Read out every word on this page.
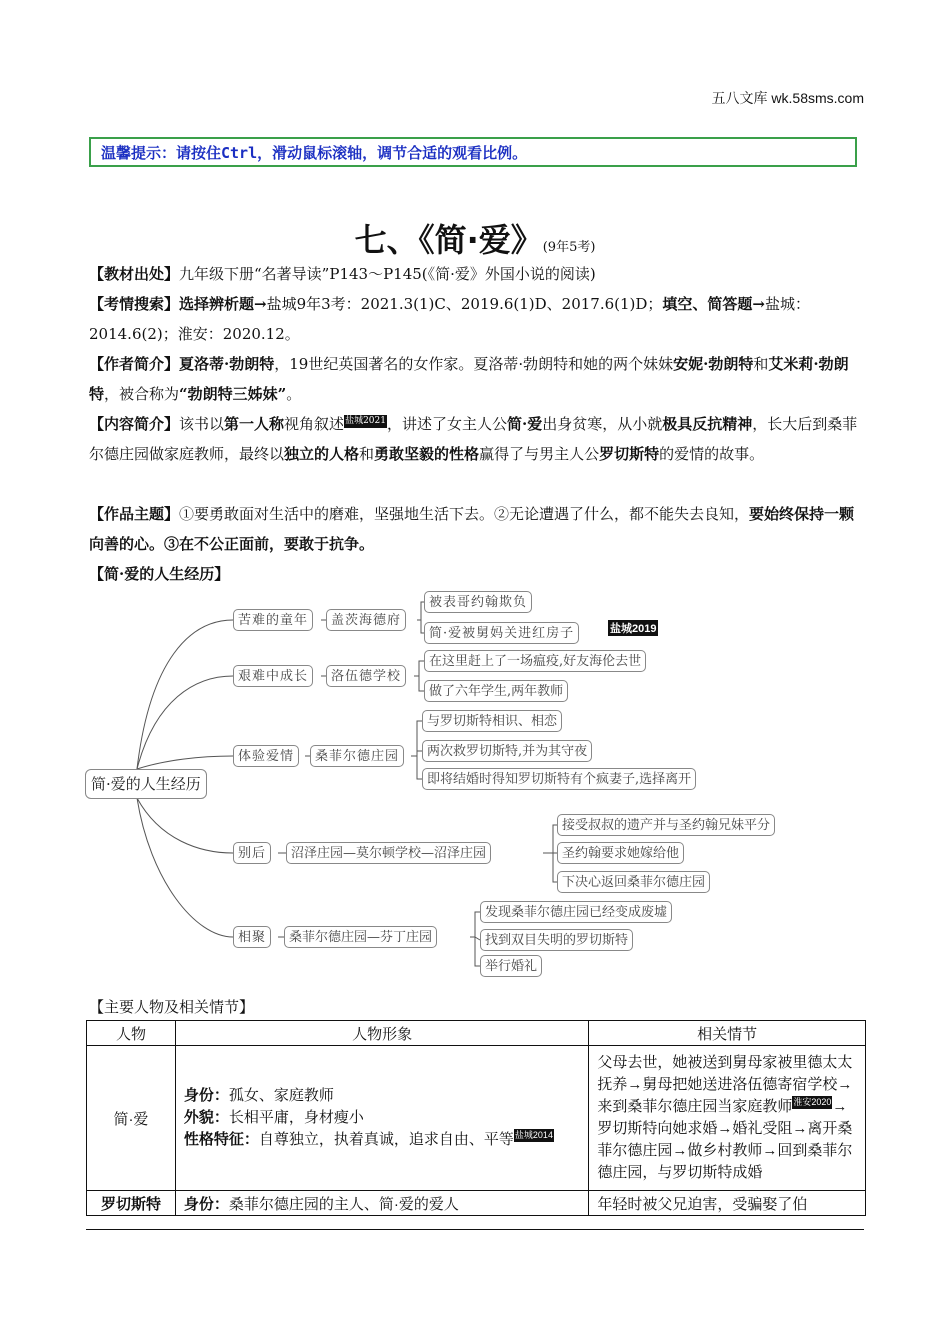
五八文库 wk.58sms.com
温馨提示：请按住Ctrl，滑动鼠标滚轴，调节合适的观看比例。
七、《简·爱》(9年5考)
【教材出处】九年级下册“名著导读”P143～P145(《简·爱》外国小说的阅读)
【考情搜索】选择辨析题→盐城9年3考：2021.3(1)C、2019.6(1)D、2017.6(1)D；填空、简答题→盐城：2014.6(2)；淮安：2020.12。
【作者简介】夏洛蒂·勃朗特，19世纪英国著名的女作家。夏洛蒂·勃朗特和她的两个妹妹安妮·勃朗特和艾米莉·勃朗特，被合称为“勃朗特三姊妹”。
【内容简介】该书以第一人称视角叙述盐城2021，讲述了女主人公简·爱出身贫寒，从小就极具反抗精神，长大后到桑菲尔德庄园做家庭教师，最终以独立的人格和勇敢坚毅的性格赢得了与男主人公罗切斯特的爱情的故事。
【作品主题】①要勇敢面对生活中的磨难，坚强地生活下去。②无论遭遇了什么，都不能失去良知，要始终保持一颗向善的心。③在不公正面前，要敢于抗争。
【简·爱的人生经历】
简·爱的人生经历
苦难的童年	盖茨海德府
被表哥约翰欺负
简·爱被舅妈关进红房子	盐城2019
艰难中成长	洛伍德学校
在这里赶上了一场瘟疫,好友海伦去世
做了六年学生,两年教师
体验爱情	桑菲尔德庄园
与罗切斯特相识、相恋
两次救罗切斯特,并为其守夜
即将结婚时得知罗切斯特有个疯妻子,选择离开
别后	沼泽庄园—莫尔顿学校—沼泽庄园
接受叔叔的遗产并与圣约翰兄妹平分
圣约翰要求她嫁给他
下决心返回桑菲尔德庄园
相聚	桑菲尔德庄园—芬丁庄园
发现桑菲尔德庄园已经变成废墟
找到双目失明的罗切斯特
举行婚礼
【主要人物及相关情节】
人物	人物形象	相关情节
简·爱	身份：孤女、家庭教师
外貌：长相平庸，身材瘦小
性格特征：自尊独立，执着真诚，追求自由、平等盐城2014	父母去世，她被送到舅母家被里德太太抚养→舅母把她送进洛伍德寄宿学校→来到桑菲尔德庄园当家庭教师淮安2020→罗切斯特向她求婚→婚礼受阻→离开桑菲尔德庄园→做乡村教师→回到桑菲尔德庄园，与罗切斯特成婚
罗切斯特	身份：桑菲尔德庄园的主人、简·爱的爱人	年轻时被父兄迫害，受骗娶了伯
